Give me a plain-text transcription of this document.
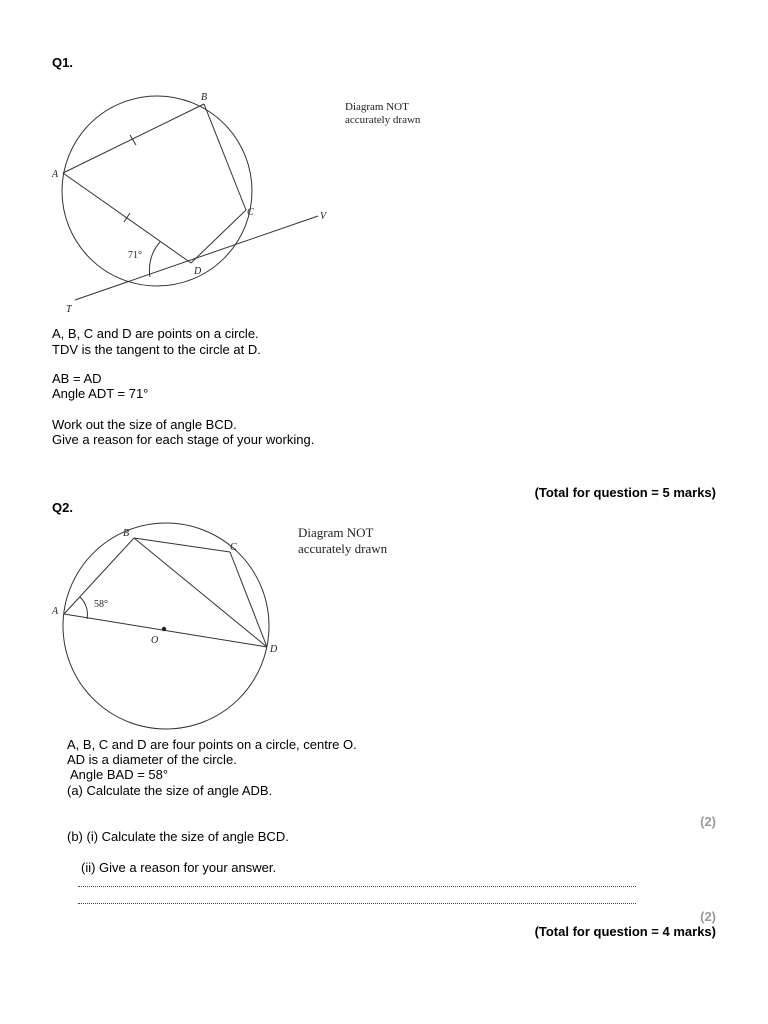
Q1.
A
B
C
D
T
V
71°
Diagram NOT
accurately drawn
A, B, C and D are points on a circle.
TDV is the tangent to the circle at D.
AB = AD
Angle ADT = 71°
Work out the size of angle BCD.
Give a reason for each stage of your working.
(Total for question = 5 marks)
Q2.
A
B
C
D
O
58°
Diagram NOT
accurately drawn
A, B, C and D are four points on a circle, centre O.
AD is a diameter of the circle.
Angle BAD = 58°
(a) Calculate the size of angle ADB.
(2)
(b) (i) Calculate the size of angle BCD.
(ii) Give a reason for your answer.
(2)
(Total for question = 4 marks)
